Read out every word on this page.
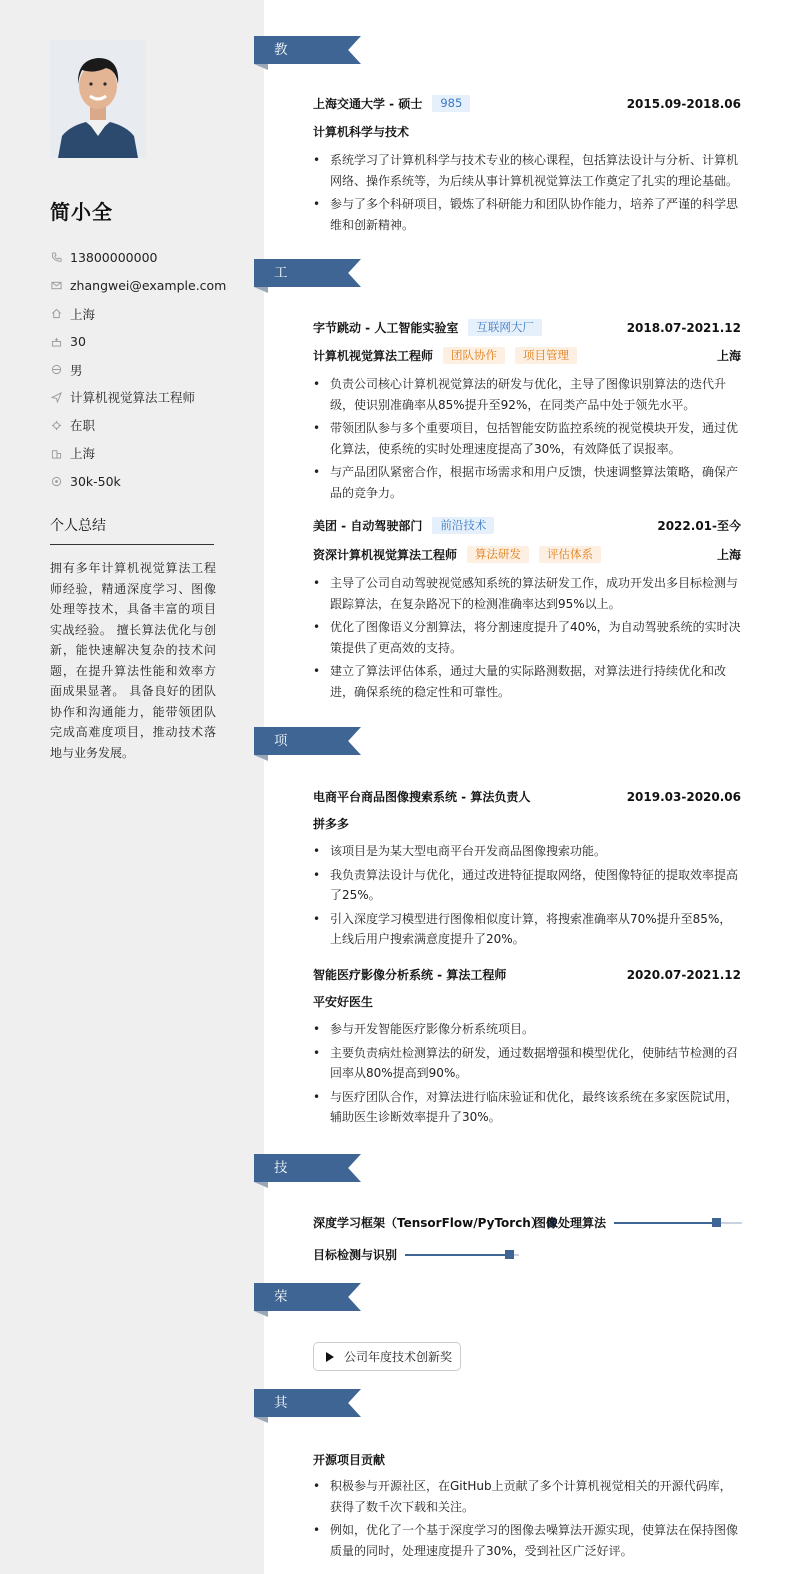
简小全
13800000000
zhangwei@example.com
上海
30
男
计算机视觉算法工程师
在职
上海
30k-50k
个人总结
拥有多年计算机视觉算法工程师经验，精通深度学习、图像处理等技术，具备丰富的项目实战经验。 擅长算法优化与创新，能快速解决复杂的技术问题，在提升算法性能和效率方面成果显著。 具备良好的团队协作和沟通能力，能带领团队完成高难度项目，推动技术落地与业务发展。
教育经历
上海交通大学 - 硕士	985	2015.09-2018.06
计算机科学与技术
• 系统学习了计算机科学与技术专业的核心课程，包括算法设计与分析、计算机网络、操作系统等，为后续从事计算机视觉算法工作奠定了扎实的理论基础。
• 参与了多个科研项目，锻炼了科研能力和团队协作能力，培养了严谨的科学思维和创新精神。
工作经历
字节跳动 - 人工智能实验室	互联网大厂	2018.07-2021.12
计算机视觉算法工程师	团队协作	项目管理	上海
• 负责公司核心计算机视觉算法的研发与优化，主导了图像识别算法的迭代升级，使识别准确率从85%提升至92%，在同类产品中处于领先水平。
• 带领团队参与多个重要项目，包括智能安防监控系统的视觉模块开发，通过优化算法，使系统的实时处理速度提高了30%，有效降低了误报率。
• 与产品团队紧密合作，根据市场需求和用户反馈，快速调整算法策略，确保产品的竞争力。
美团 - 自动驾驶部门	前沿技术	2022.01-至今
资深计算机视觉算法工程师	算法研发	评估体系	上海
• 主导了公司自动驾驶视觉感知系统的算法研发工作，成功开发出多目标检测与跟踪算法，在复杂路况下的检测准确率达到95%以上。
• 优化了图像语义分割算法，将分割速度提升了40%，为自动驾驶系统的实时决策提供了更高效的支持。
• 建立了算法评估体系，通过大量的实际路测数据，对算法进行持续优化和改进，确保系统的稳定性和可靠性。
项目经历
电商平台商品图像搜索系统 - 算法负责人	2019.03-2020.06
拼多多
• 该项目是为某大型电商平台开发商品图像搜索功能。
• 我负责算法设计与优化，通过改进特征提取网络，使图像特征的提取效率提高了25%。
• 引入深度学习模型进行图像相似度计算，将搜索准确率从70%提升至85%，上线后用户搜索满意度提升了20%。
智能医疗影像分析系统 - 算法工程师	2020.07-2021.12
平安好医生
• 参与开发智能医疗影像分析系统项目。
• 主要负责病灶检测算法的研发，通过数据增强和模型优化，使肺结节检测的召回率从80%提高到90%。
• 与医疗团队合作，对算法进行临床验证和优化，最终该系统在多家医院试用，辅助医生诊断效率提升了30%。
技能专长
深度学习框架（TensorFlow/PyTorch）
图像处理算法
目标检测与识别
荣誉奖项
公司年度技术创新奖
其他信息
开源项目贡献
• 积极参与开源社区，在GitHub上贡献了多个计算机视觉相关的开源代码库，获得了数千次下载和关注。
• 例如，优化了一个基于深度学习的图像去噪算法开源实现，使算法在保持图像质量的同时，处理速度提升了30%，受到社区广泛好评。
